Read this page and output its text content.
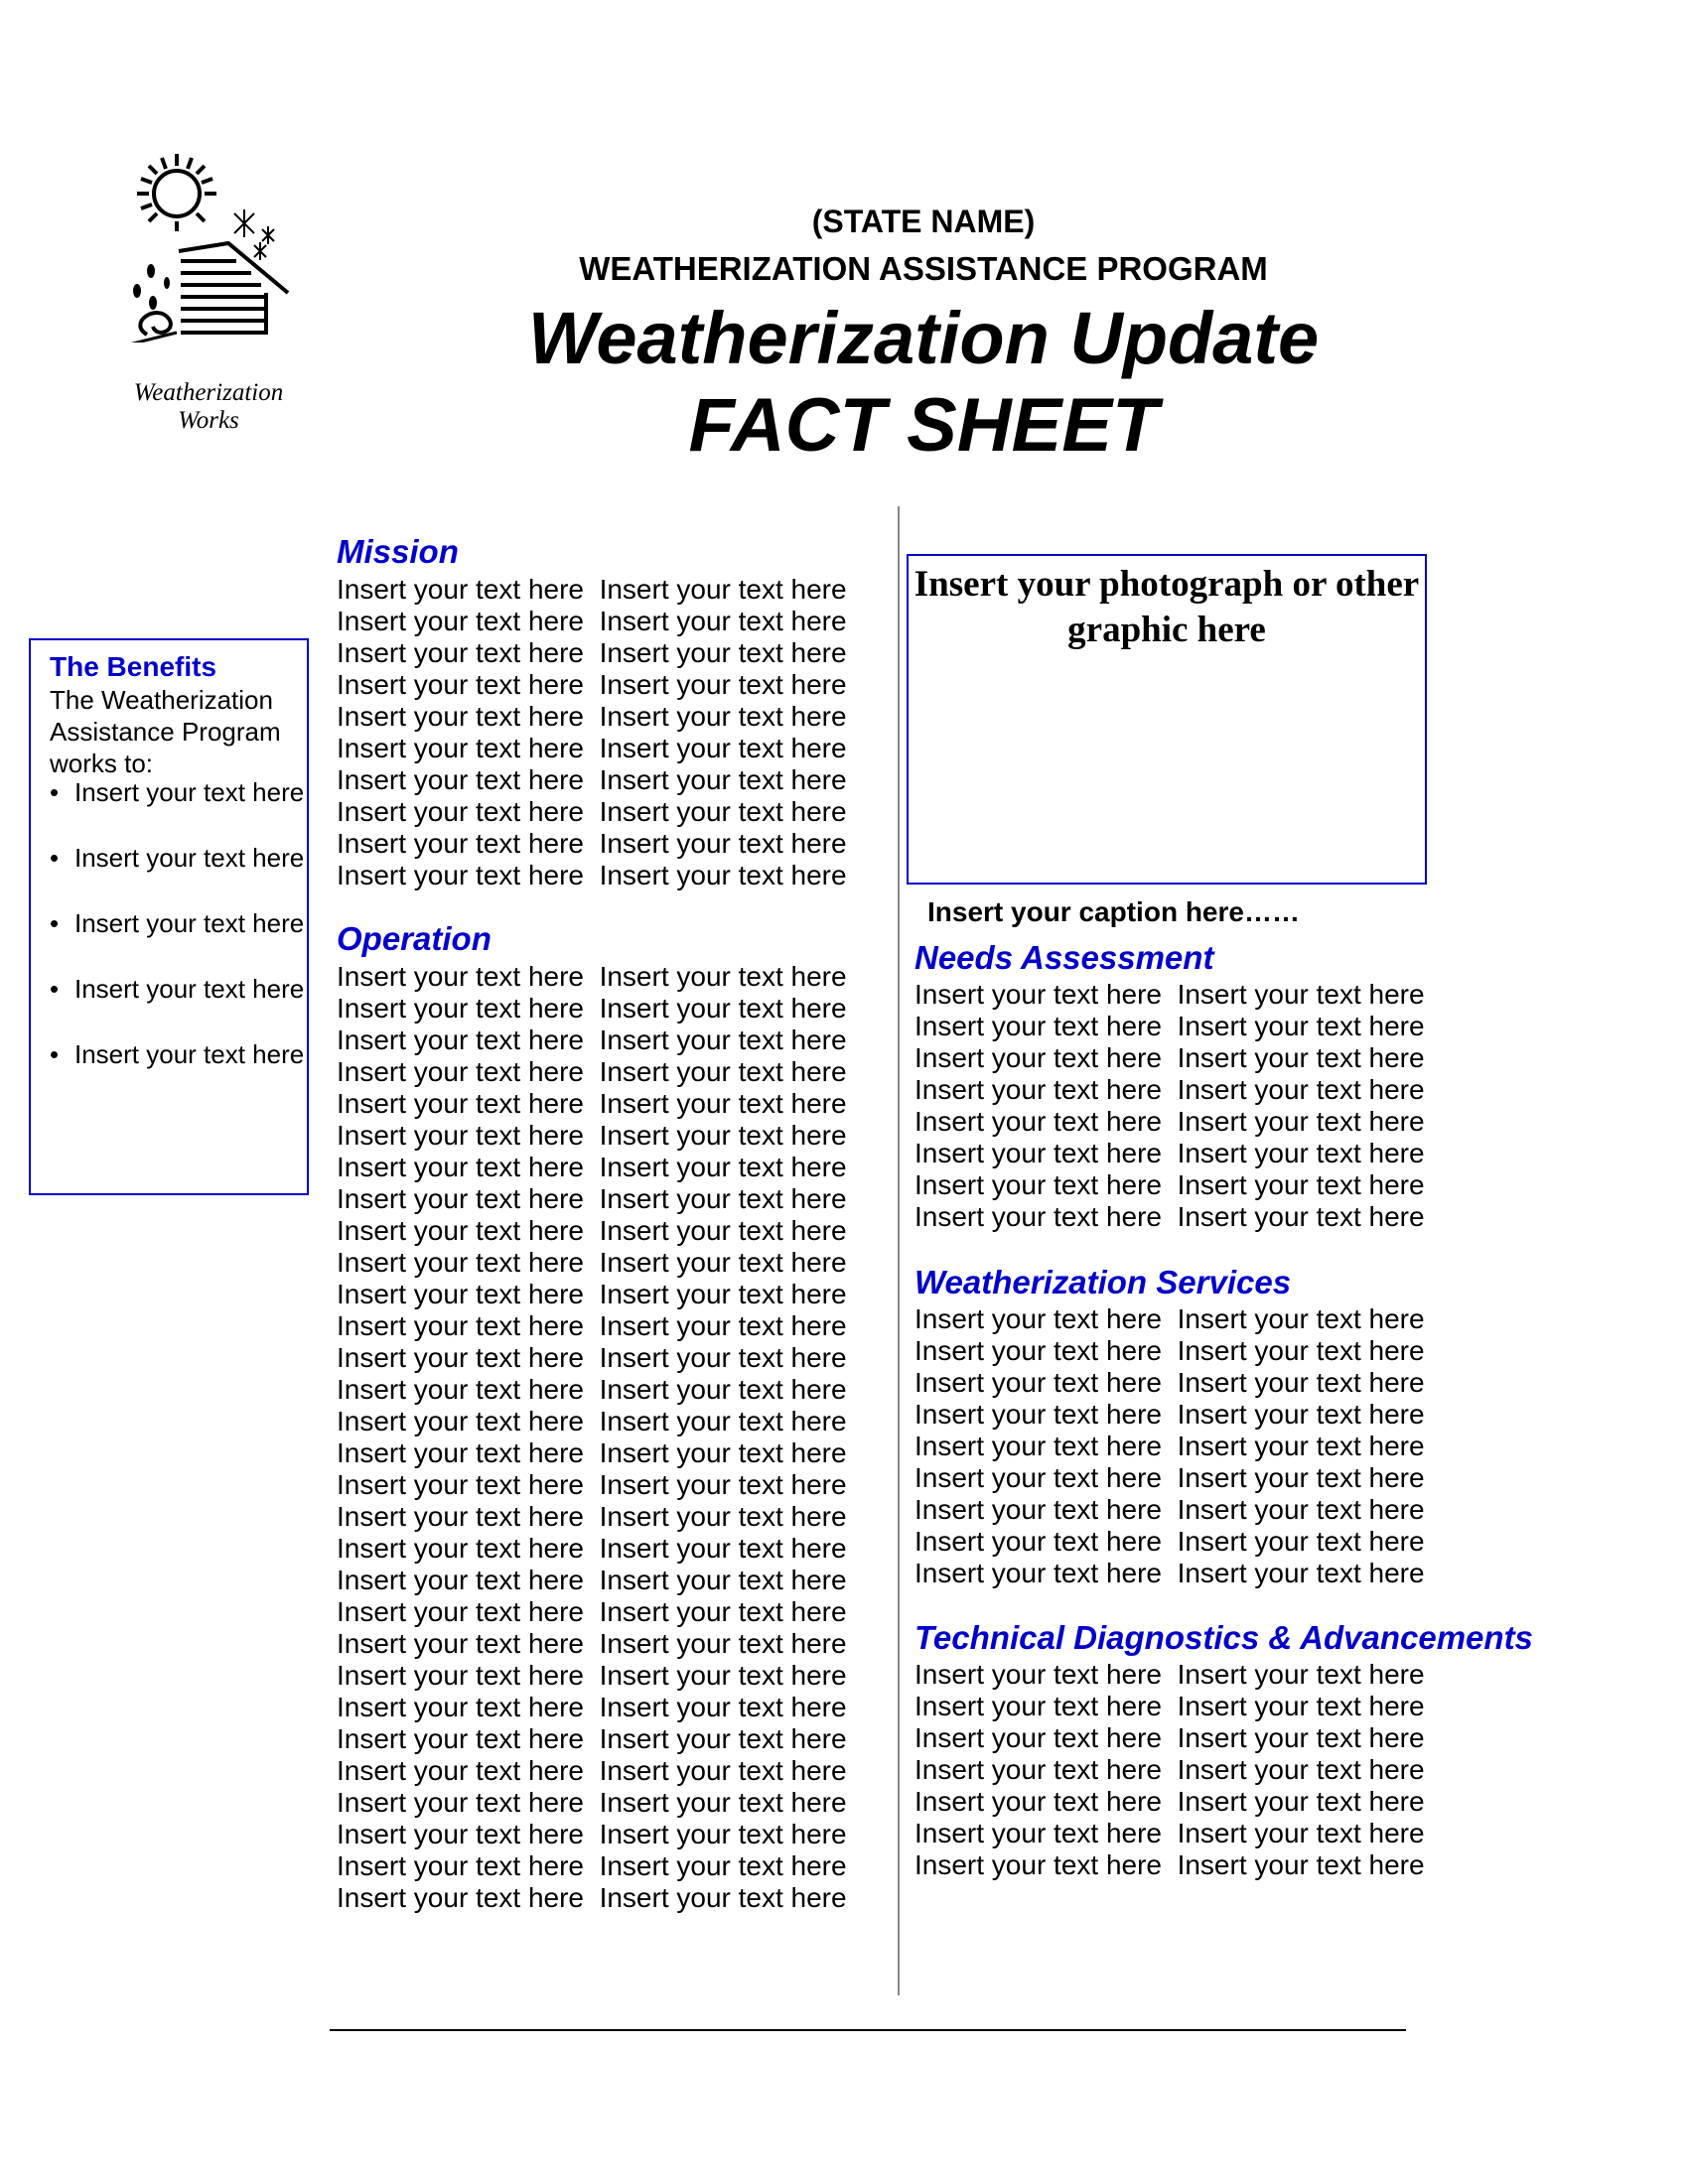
Weatherization
Works
(STATE NAME)
WEATHERIZATION ASSISTANCE PROGRAM
Weatherization Update
FACT SHEET
The Benefits
The Weatherization Assistance Program works to:
• Insert your text here
• Insert your text here
• Insert your text here
• Insert your text here
• Insert your text here
Mission
Insert your text here  Insert your text here
Insert your text here  Insert your text here
Insert your text here  Insert your text here
Insert your text here  Insert your text here
Insert your text here  Insert your text here
Insert your text here  Insert your text here
Insert your text here  Insert your text here
Insert your text here  Insert your text here
Insert your text here  Insert your text here
Insert your text here  Insert your text here
Operation
Insert your text here  Insert your text here
Insert your text here  Insert your text here
Insert your text here  Insert your text here
Insert your text here  Insert your text here
Insert your text here  Insert your text here
Insert your text here  Insert your text here
Insert your text here  Insert your text here
Insert your text here  Insert your text here
Insert your text here  Insert your text here
Insert your text here  Insert your text here
Insert your text here  Insert your text here
Insert your text here  Insert your text here
Insert your text here  Insert your text here
Insert your text here  Insert your text here
Insert your text here  Insert your text here
Insert your text here  Insert your text here
Insert your text here  Insert your text here
Insert your text here  Insert your text here
Insert your text here  Insert your text here
Insert your text here  Insert your text here
Insert your text here  Insert your text here
Insert your text here  Insert your text here
Insert your text here  Insert your text here
Insert your text here  Insert your text here
Insert your text here  Insert your text here
Insert your text here  Insert your text here
Insert your text here  Insert your text here
Insert your text here  Insert your text here
Insert your text here  Insert your text here
Insert your text here  Insert your text here
Insert your photograph or other graphic here
Insert your caption here……
Needs Assessment
Insert your text here  Insert your text here
Insert your text here  Insert your text here
Insert your text here  Insert your text here
Insert your text here  Insert your text here
Insert your text here  Insert your text here
Insert your text here  Insert your text here
Insert your text here  Insert your text here
Insert your text here  Insert your text here
Weatherization Services
Insert your text here  Insert your text here
Insert your text here  Insert your text here
Insert your text here  Insert your text here
Insert your text here  Insert your text here
Insert your text here  Insert your text here
Insert your text here  Insert your text here
Insert your text here  Insert your text here
Insert your text here  Insert your text here
Insert your text here  Insert your text here
Technical Diagnostics & Advancements
Insert your text here  Insert your text here
Insert your text here  Insert your text here
Insert your text here  Insert your text here
Insert your text here  Insert your text here
Insert your text here  Insert your text here
Insert your text here  Insert your text here
Insert your text here  Insert your text here
